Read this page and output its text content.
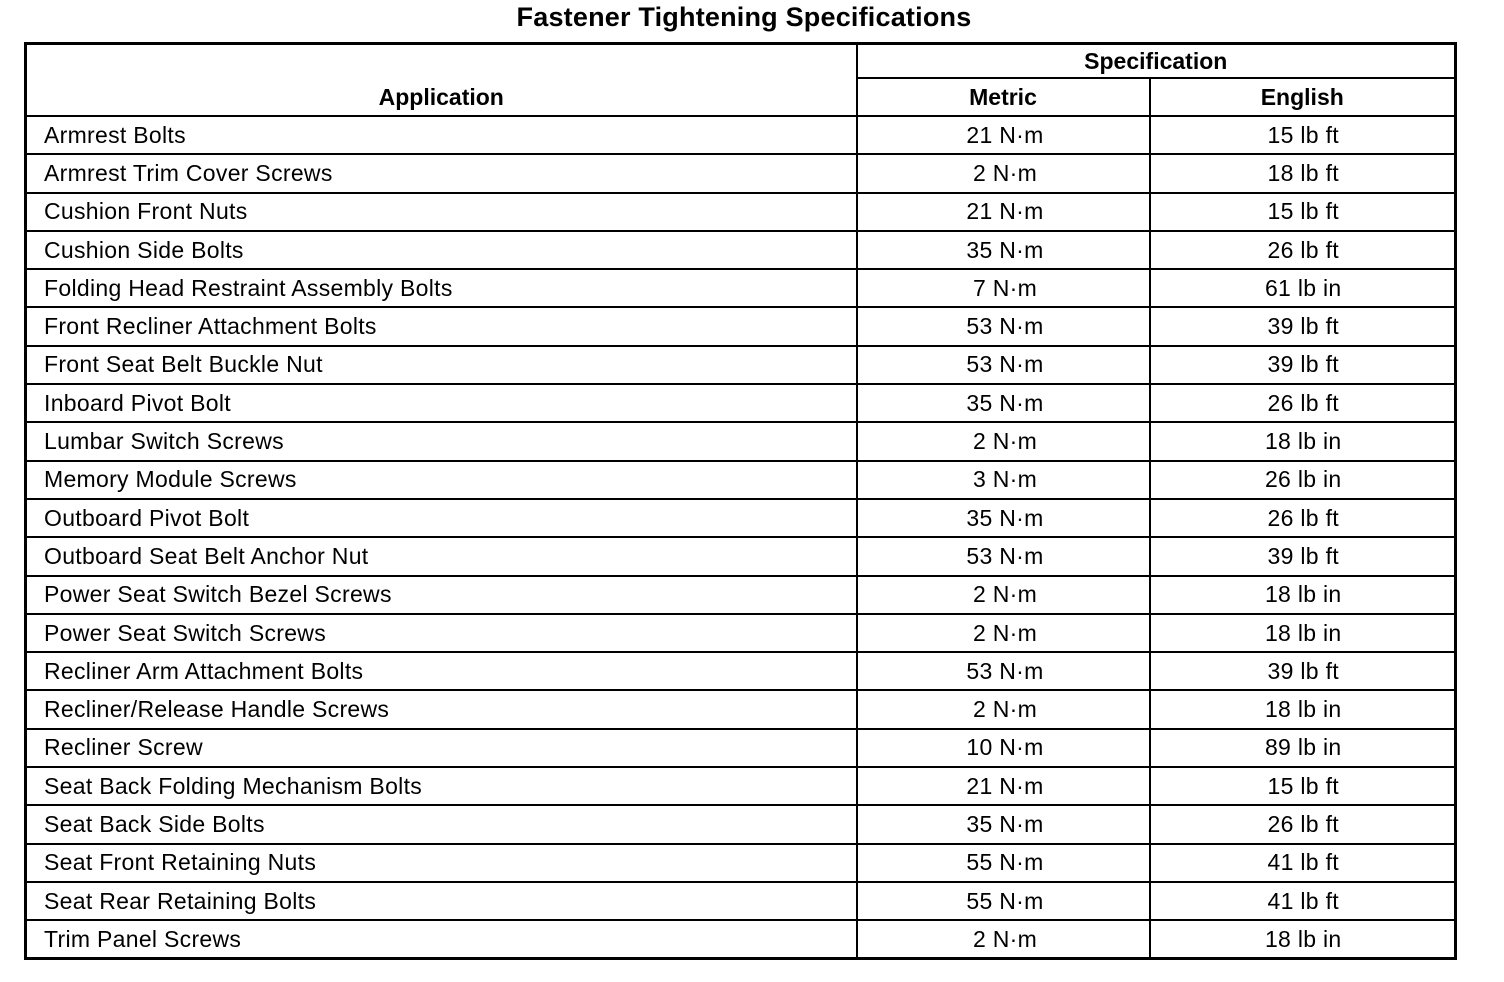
Fastener Tightening Specifications
Application	Specification	
	Metric	English
Armrest Bolts	21 N·m	15 lb ft
Armrest Trim Cover Screws	2 N·m	18 lb ft
Cushion Front Nuts	21 N·m	15 lb ft
Cushion Side Bolts	35 N·m	26 lb ft
Folding Head Restraint Assembly Bolts	7 N·m	61 lb in
Front Recliner Attachment Bolts	53 N·m	39 lb ft
Front Seat Belt Buckle Nut	53 N·m	39 lb ft
Inboard Pivot Bolt	35 N·m	26 lb ft
Lumbar Switch Screws	2 N·m	18 lb in
Memory Module Screws	3 N·m	26 lb in
Outboard Pivot Bolt	35 N·m	26 lb ft
Outboard Seat Belt Anchor Nut	53 N·m	39 lb ft
Power Seat Switch Bezel Screws	2 N·m	18 lb in
Power Seat Switch Screws	2 N·m	18 lb in
Recliner Arm Attachment Bolts	53 N·m	39 lb ft
Recliner/Release Handle Screws	2 N·m	18 lb in
Recliner Screw	10 N·m	89 lb in
Seat Back Folding Mechanism Bolts	21 N·m	15 lb ft
Seat Back Side Bolts	35 N·m	26 lb ft
Seat Front Retaining Nuts	55 N·m	41 lb ft
Seat Rear Retaining Bolts	55 N·m	41 lb ft
Trim Panel Screws	2 N·m	18 lb in
